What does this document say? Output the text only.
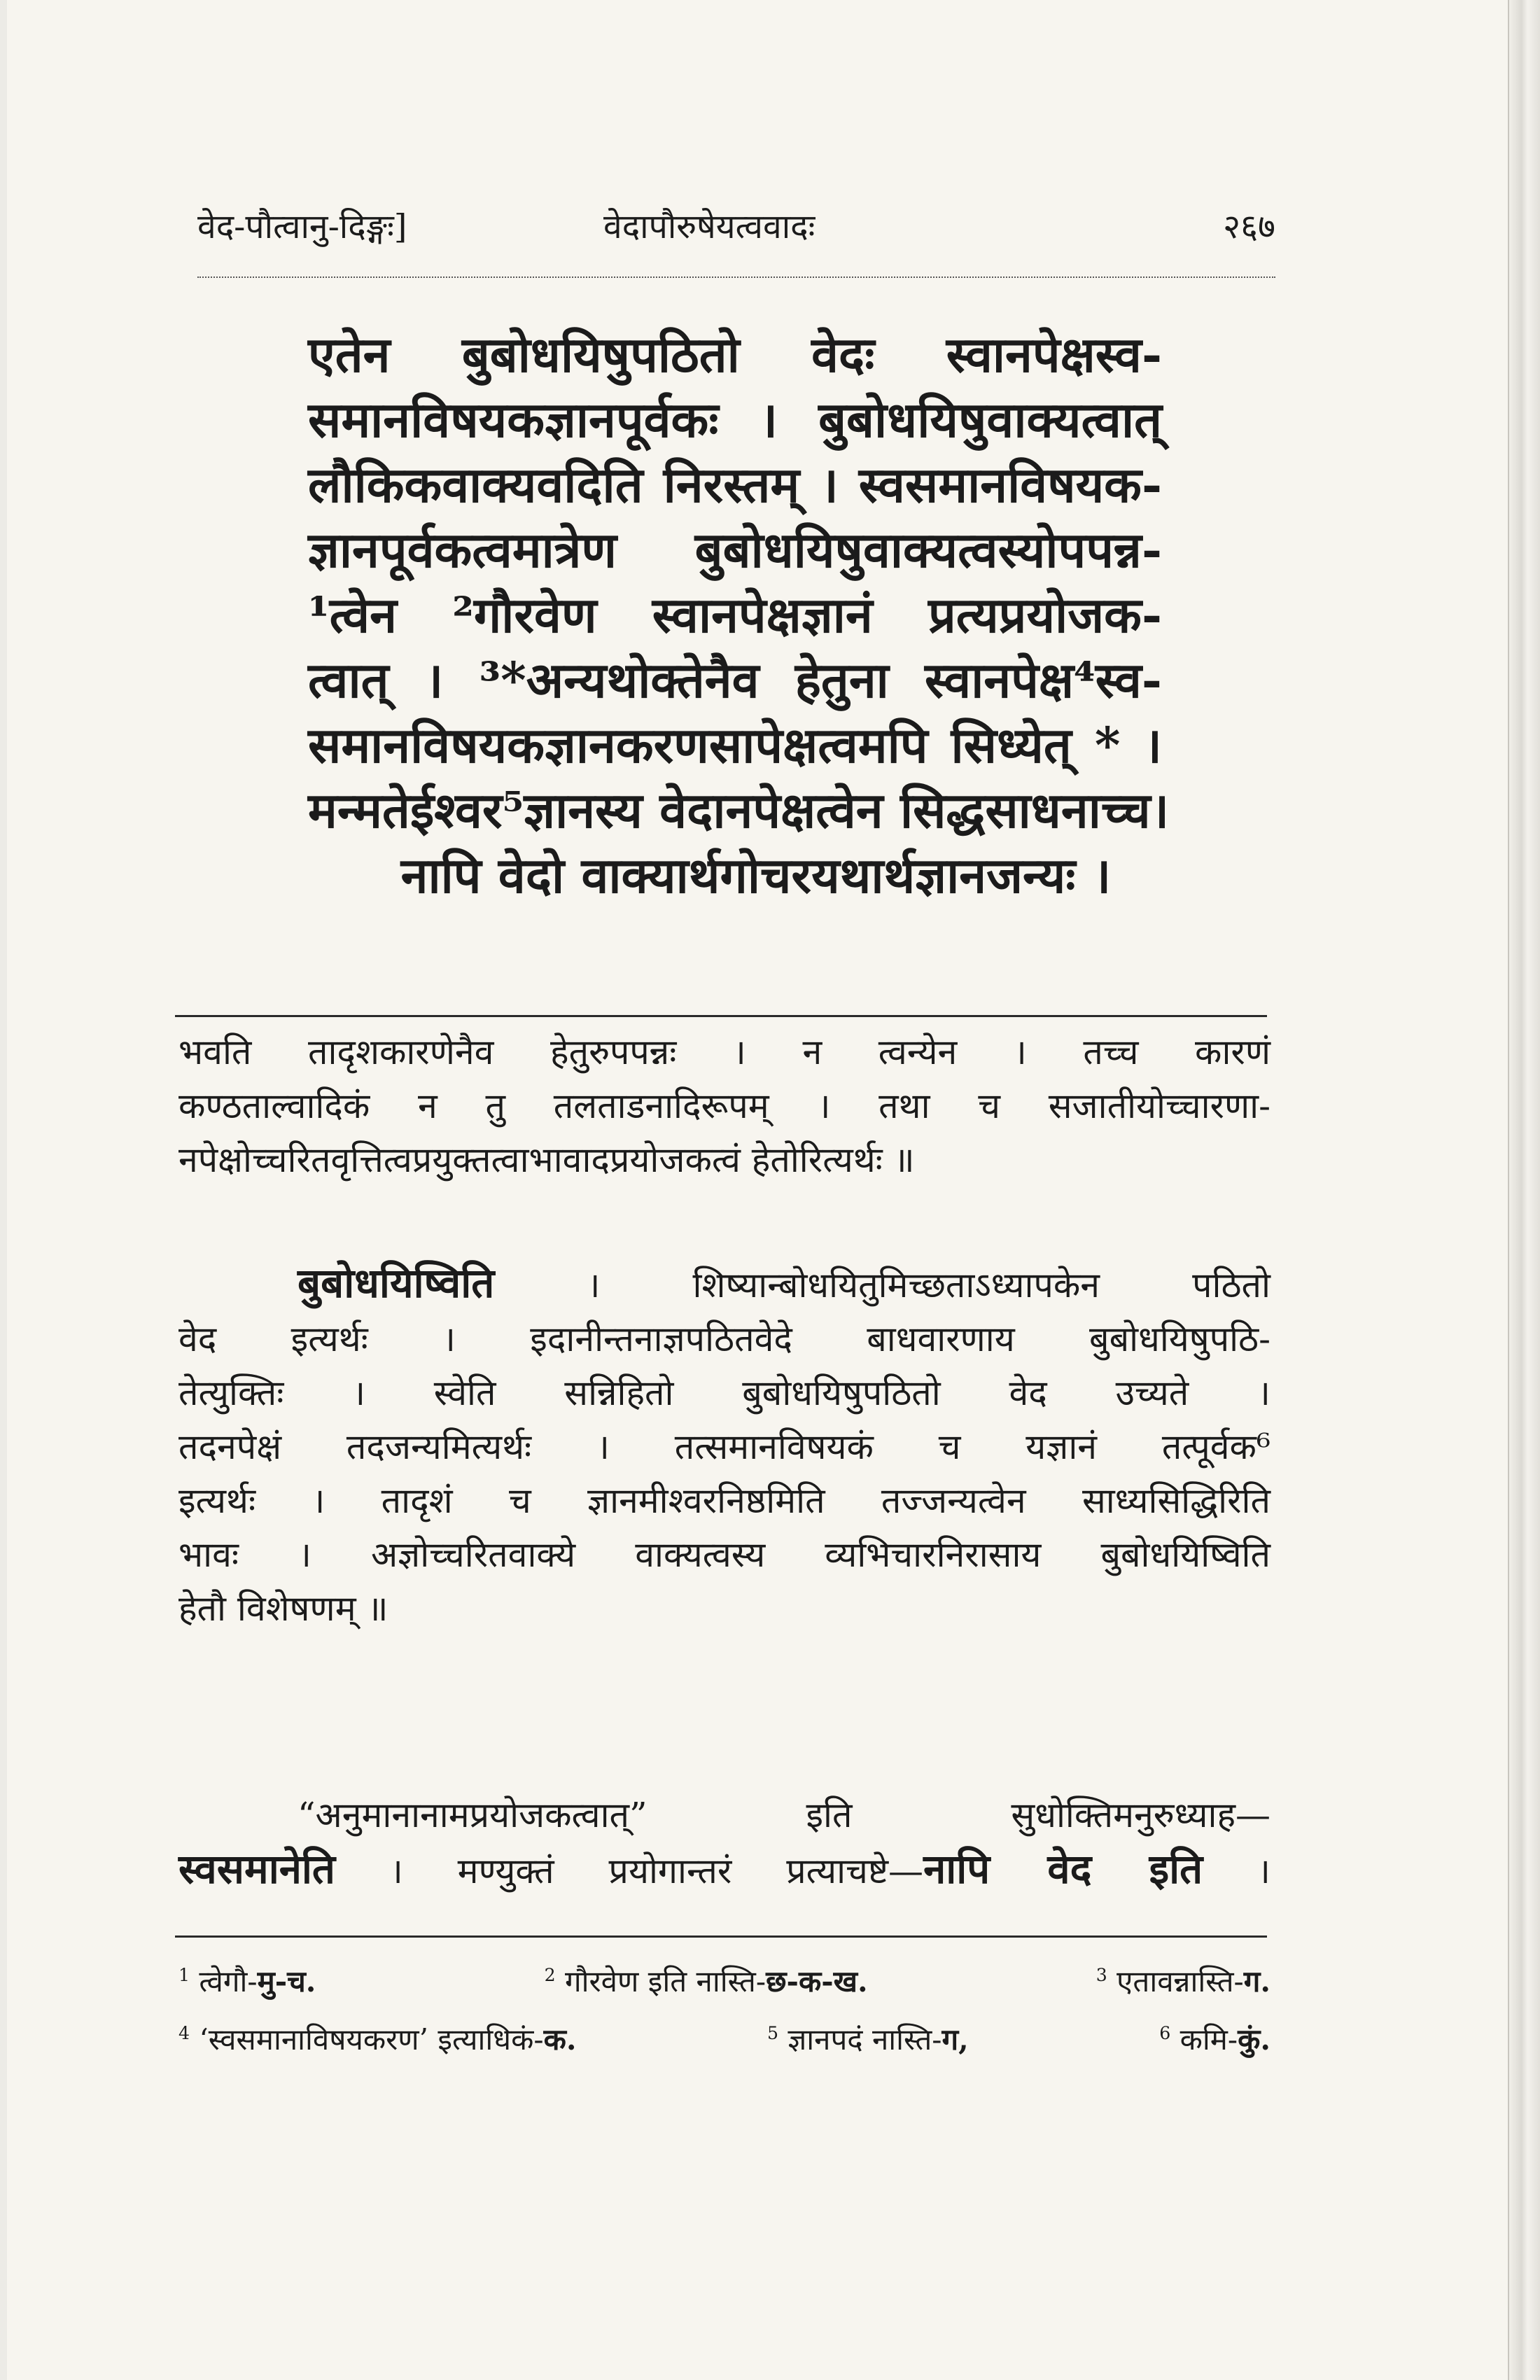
वेद-पौत्वानु-दिङ्गः]	वेदापौरुषेयत्ववादः	२६७
एतेन बुबोधयिषुपठितो वेदः स्वानपेक्षस्व-
समानविषयकज्ञानपूर्वकः । बुबोधयिषुवाक्यत्वात्
लौकिकवाक्यवदिति निरस्तम् । स्वसमानविषयक-
ज्ञानपूर्वकत्वमात्रेण बुबोधयिषुवाक्यत्वस्योपपन्न-
¹त्वेन ²गौरवेण स्वानपेक्षज्ञानं प्रत्यप्रयोजक-
त्वात् । ³*अन्यथोक्तेनैव हेतुना स्वानपेक्ष⁴स्व-
समानविषयकज्ञानकरणसापेक्षत्वमपि सिध्येत् * ।
मन्मतेईश्वर⁵ज्ञानस्य वेदानपेक्षत्वेन सिद्धसाधनाच्च।
नापि वेदो वाक्यार्थगोचरयथार्थज्ञानजन्यः ।
भवति तादृशकारणेनैव हेतुरुपपन्नः । न त्वन्येन । तच्च कारणं
कण्ठताल्वादिकं न तु तलताडनादिरूपम् । तथा च सजातीयोच्चारणा-
नपेक्षोच्चरितवृत्तित्वप्रयुक्तत्वाभावादप्रयोजकत्वं हेतोरित्यर्थः ॥
बुबोधयिष्विति	। शिष्यान्बोधयितुमिच्छताऽध्यापकेन पठितो
वेद इत्यर्थः । इदानीन्तनाज्ञपठितवेदे बाधवारणाय बुबोधयिषुपठि-
तेत्युक्तिः । स्वेति सन्निहितो बुबोधयिषुपठितो वेद उच्यते ।
तदनपेक्षं तदजन्यमित्यर्थः । तत्समानविषयकं च यज्ञानं तत्पूर्वक⁶
इत्यर्थः । तादृशं च ज्ञानमीश्वरनिष्ठमिति तज्जन्यत्वेन साध्यसिद्धिरिति
भावः । अज्ञोच्चरितवाक्ये वाक्यत्वस्य व्यभिचारनिरासाय बुबोधयिष्विति
हेतौ विशेषणम् ॥
“अनुमानानामप्रयोजकत्वात्” इति सुधोक्तिमनुरुध्याह—
स्वसमानेति । मण्युक्तं प्रयोगान्तरं प्रत्याचष्टे—नापि वेद इति ।
$^1$ त्वेगौ-मु-च.	$^2$ गौरवेण इति नास्ति-छ-क-ख.	$^3$ एतावन्नास्ति-ग.
$^4$ ‘स्वसमानाविषयकरण’ इत्याधिकं-क.	$^5$ ज्ञानपदं नास्ति-ग,	$^6$ कमि-कुं.
